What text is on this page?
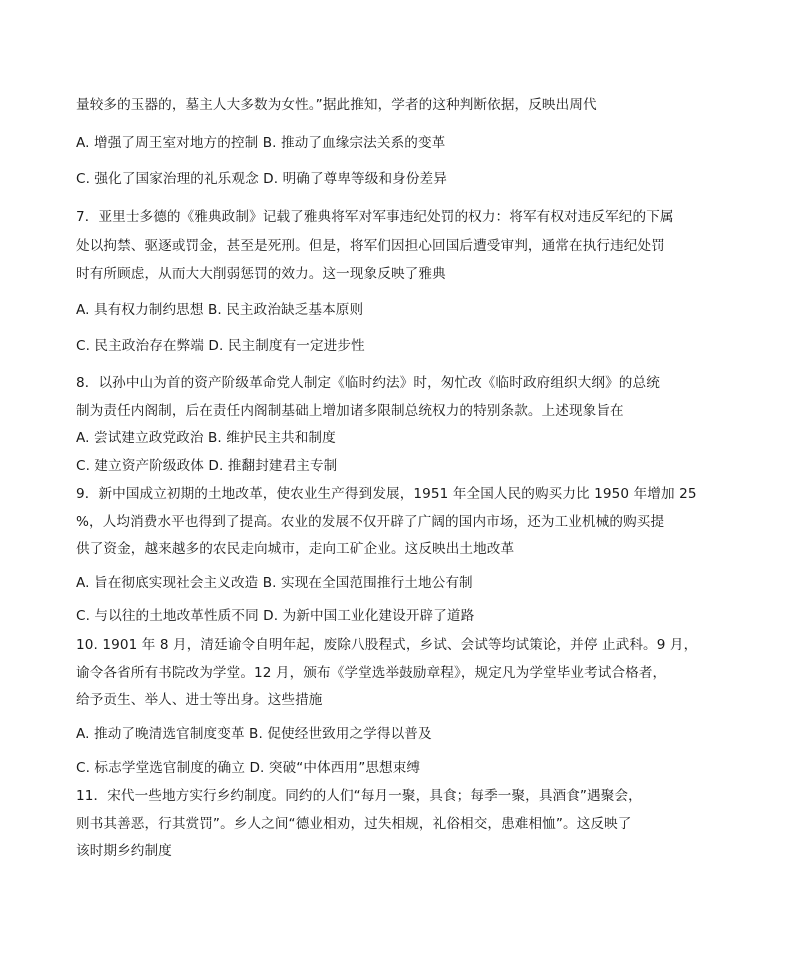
量较多的玉器的，墓主人大多数为女性。”据此推知，学者的这种判断依据，反映出周代
A. 增强了周王室对地方的控制 B. 推动了血缘宗法关系的变革
C. 强化了国家治理的礼乐观念 D. 明确了尊卑等级和身份差异
7．亚里士多德的《雅典政制》记载了雅典将军对军事违纪处罚的权力：将军有权对违反军纪的下属
处以拘禁、驱逐或罚金，甚至是死刑。但是，将军们因担心回国后遭受审判，通常在执行违纪处罚
时有所顾虑，从而大大削弱惩罚的效力。这一现象反映了雅典
A. 具有权力制约思想 B. 民主政治缺乏基本原则
C. 民主政治存在弊端 D. 民主制度有一定进步性
8．以孙中山为首的资产阶级革命党人制定《临时约法》时，匆忙改《临时政府组织大纲》的总统
制为责任内阁制，后在责任内阁制基础上增加诸多限制总统权力的特别条款。上述现象旨在
A. 尝试建立政党政治 B. 维护民主共和制度
C. 建立资产阶级政体 D. 推翻封建君主专制
9．新中国成立初期的土地改革，使农业生产得到发展，1951 年全国人民的购买力比 1950 年增加 25
%，人均消费水平也得到了提高。农业的发展不仅开辟了广阔的国内市场，还为工业机械的购买提
供了资金，越来越多的农民走向城市，走向工矿企业。这反映出土地改革
A. 旨在彻底实现社会主义改造 B. 实现在全国范围推行土地公有制
C. 与以往的土地改革性质不同 D. 为新中国工业化建设开辟了道路
10. 1901 年 8 月，清廷谕令自明年起，废除八股程式，乡试、会试等均试策论，并停 止武科。9 月，
谕令各省所有书院改为学堂。12 月，颁布《学堂选举鼓励章程》，规定凡为学堂毕业考试合格者，
给予贡生、举人、进士等出身。这些措施
A. 推动了晚清选官制度变革 B. 促使经世致用之学得以普及
C. 标志学堂选官制度的确立 D. 突破“中体西用”思想束缚
11．宋代一些地方实行乡约制度。同约的人们“每月一聚，具食；每季一聚，具酒食”遇聚会，
则书其善恶，行其赏罚”。乡人之间“德业相劝，过失相规，礼俗相交，患难相恤”。这反映了
该时期乡约制度
